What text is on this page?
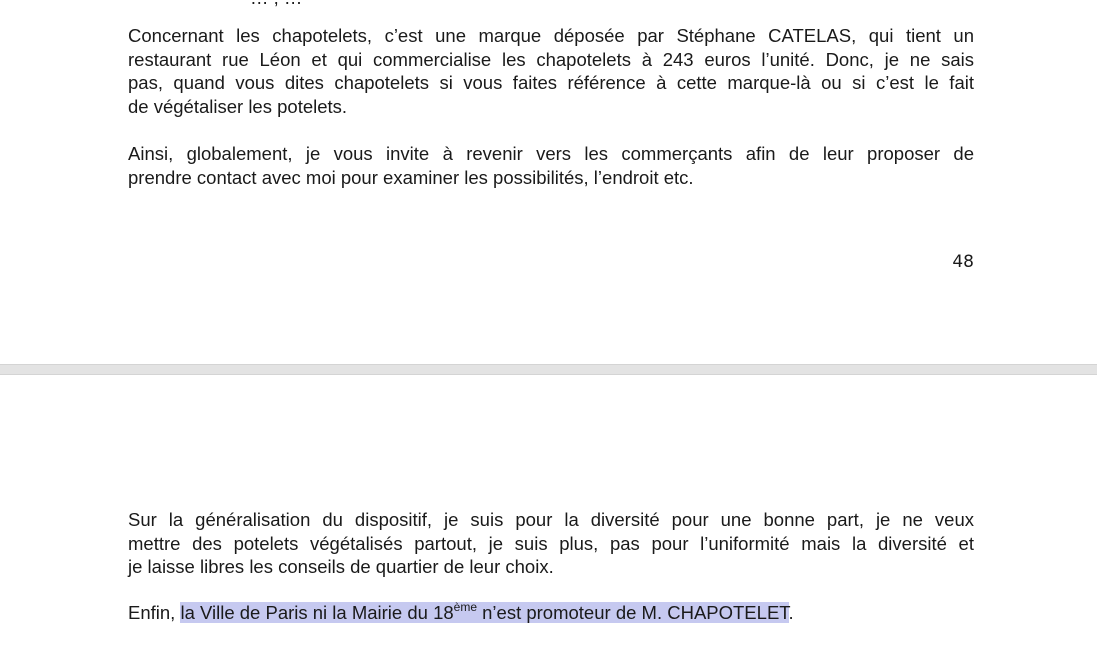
Concernant les chapotelets, c’est une marque déposée par Stéphane CATELAS, qui tient un
restaurant rue Léon et qui commercialise les chapotelets à 243 euros l’unité. Donc, je ne sais
pas, quand vous dites chapotelets si vous faites référence à cette marque-là ou si c’est le fait
de végétaliser les potelets.

Ainsi, globalement, je vous invite à revenir vers les commerçants afin de leur proposer de
prendre contact avec moi pour examiner les possibilités, l’endroit etc.

48

Sur la généralisation du dispositif, je suis pour la diversité pour une bonne part, je ne veux
mettre des potelets végétalisés partout, je suis plus, pas pour l’uniformité mais la diversité et
je laisse libres les conseils de quartier de leur choix.

Enfin, la Ville de Paris ni la Mairie du 18ème n’est promoteur de M. CHAPOTELET.
